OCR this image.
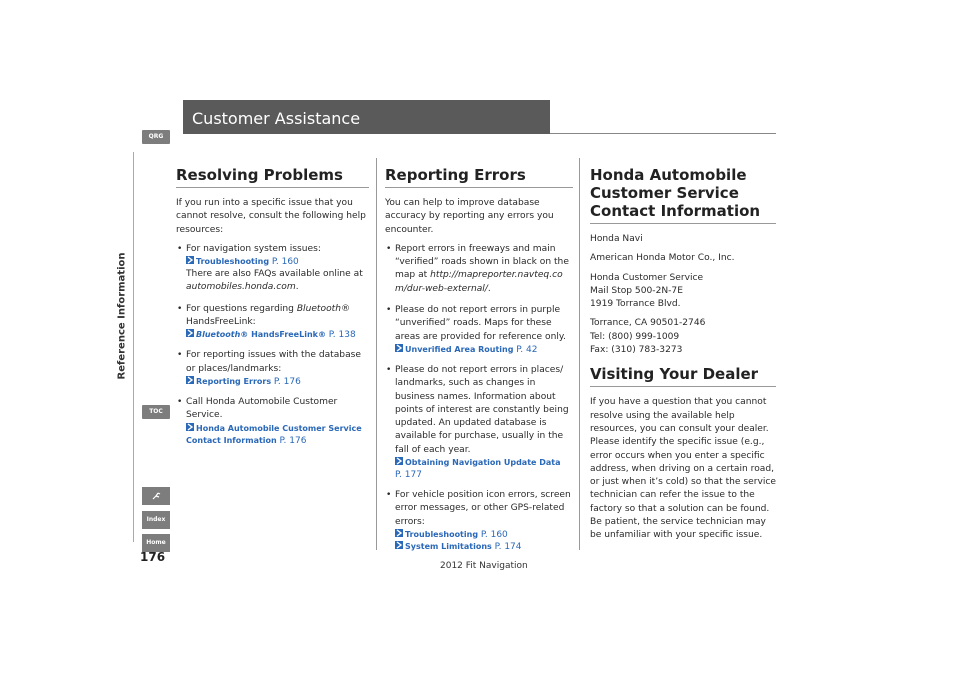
Customer Assistance
QRG
Reference Information
TOC
Index
Home
176
2012 Fit Navigation
Resolving Problems

If you run into a specific issue that you cannot resolve, consult the following help resources:

• For navigation system issues:
Troubleshooting P. 160
There are also FAQs available online at automobiles.honda.com.
• For questions regarding Bluetooth® HandsFreeLink:
Bluetooth® HandsFreeLink® P. 138
• For reporting issues with the database or places/landmarks:
Reporting Errors P. 176
• Call Honda Automobile Customer Service.
Honda Automobile Customer Service
Contact Information P. 176
Reporting Errors

You can help to improve database accuracy by reporting any errors you encounter.

• Report errors in freeways and main “verified” roads shown in black on the map at http://mapreporter.navteq.com/dur-web-external/.
• Please do not report errors in purple “unverified” roads. Maps for these areas are provided for reference only.
Unverified Area Routing P. 42
• Please do not report errors in places/ landmarks, such as changes in business names. Information about points of interest are constantly being updated. An updated database is available for purchase, usually in the fall of each year.
Obtaining Navigation Update Data
P. 177
• For vehicle position icon errors, screen error messages, or other GPS-related errors:
Troubleshooting P. 160
System Limitations P. 174
Honda Automobile Customer Service Contact Information

Honda Navi

American Honda Motor Co., Inc.

Honda Customer Service
Mail Stop 500-2N-7E

1919 Torrance Blvd.

Torrance, CA 90501-2746
Tel: (800) 999-1009

Fax: (310) 783-3273

Visiting Your Dealer

If you have a question that you cannot resolve using the available help resources, you can consult your dealer. Please identify the specific issue (e.g., error occurs when you enter a specific address, when driving on a certain road, or just when it’s cold) so that the service technician can refer the issue to the factory so that a solution can be found. Be patient, the service technician may be unfamiliar with your specific issue.
